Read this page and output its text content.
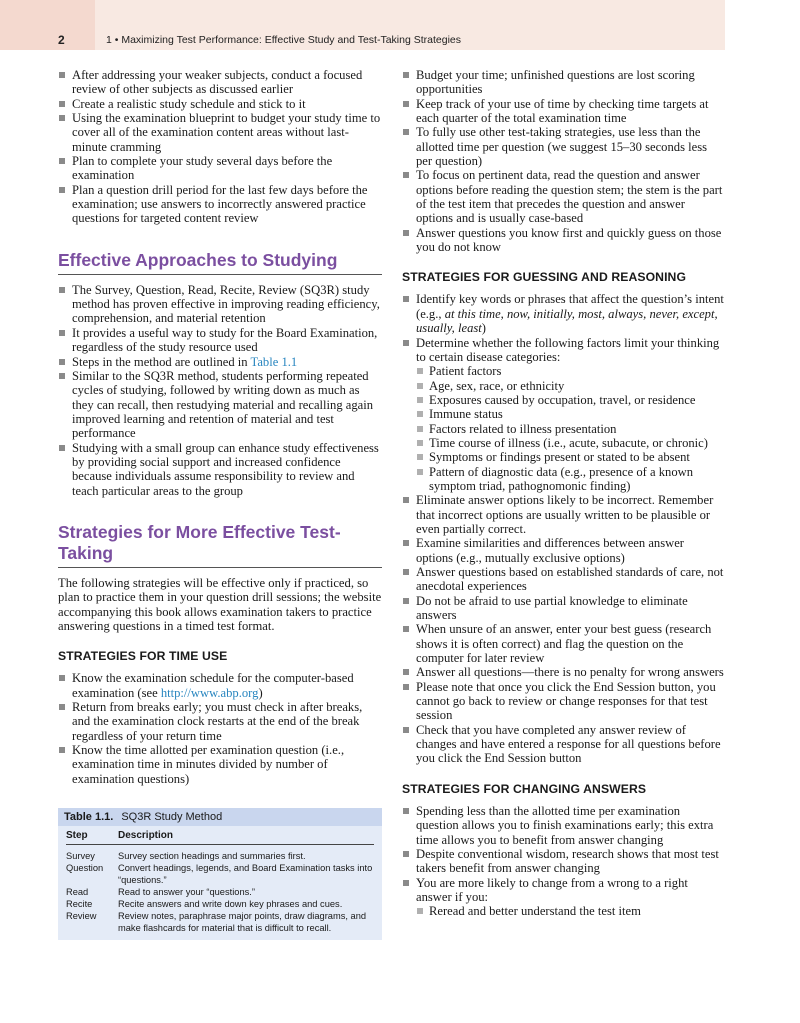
2	1 • Maximizing Test Performance: Effective Study and Test-Taking Strategies
After addressing your weaker subjects, conduct a focused review of other subjects as discussed earlier
Create a realistic study schedule and stick to it
Using the examination blueprint to budget your study time to cover all of the examination content areas without last-minute cramming
Plan to complete your study several days before the examination
Plan a question drill period for the last few days before the examination; use answers to incorrectly answered practice questions for targeted content review
Effective Approaches to Studying
The Survey, Question, Read, Recite, Review (SQ3R) study method has proven effective in improving reading efficiency, comprehension, and material retention
It provides a useful way to study for the Board Examination, regardless of the study resource used
Steps in the method are outlined in Table 1.1
Similar to the SQ3R method, students performing repeated cycles of studying, followed by writing down as much as they can recall, then restudying material and recalling again improved learning and retention of material and test performance
Studying with a small group can enhance study effectiveness by providing social support and increased confidence because individuals assume responsibility to review and teach particular areas to the group
Strategies for More Effective Test-Taking

The following strategies will be effective only if practiced, so plan to practice them in your question drill sessions; the website accompanying this book allows examination takers to practice answering questions in a timed test format.

STRATEGIES FOR TIME USE
Know the examination schedule for the computer-based examination (see http://www.abp.org)
Return from breaks early; you must check in after breaks, and the examination clock restarts at the end of the break regardless of your return time
Know the time allotted per examination question (i.e., examination time in minutes divided by number of examination questions)
Table 1.1. SQ3R Study Method
Step	Description
Survey	Survey section headings and summaries first.
Question	Convert headings, legends, and Board Examination tasks into “questions.”
Read	Read to answer your “questions.”
Recite	Recite answers and write down key phrases and cues.
Review	Review notes, paraphrase major points, draw diagrams, and make flashcards for material that is difficult to recall.
Budget your time; unfinished questions are lost scoring opportunities
Keep track of your use of time by checking time targets at each quarter of the total examination time
To fully use other test-taking strategies, use less than the allotted time per question (we suggest 15–30 seconds less per question)
To focus on pertinent data, read the question and answer options before reading the question stem; the stem is the part of the test item that precedes the question and answer options and is usually case-based
Answer questions you know first and quickly guess on those you do not know
STRATEGIES FOR GUESSING AND REASONING
Identify key words or phrases that affect the question’s intent (e.g., at this time, now, initially, most, always, never, except, usually, least)
Determine whether the following factors limit your thinking to certain disease categories:
Patient factors
Age, sex, race, or ethnicity
Exposures caused by occupation, travel, or residence
Immune status
Factors related to illness presentation
Time course of illness (i.e., acute, subacute, or chronic)
Symptoms or findings present or stated to be absent
Pattern of diagnostic data (e.g., presence of a known symptom triad, pathognomonic finding)
Eliminate answer options likely to be incorrect. Remember that incorrect options are usually written to be plausible or even partially correct.
Examine similarities and differences between answer options (e.g., mutually exclusive options)
Answer questions based on established standards of care, not anecdotal experiences
Do not be afraid to use partial knowledge to eliminate answers
When unsure of an answer, enter your best guess (research shows it is often correct) and flag the question on the computer for later review
Answer all questions—there is no penalty for wrong answers
Please note that once you click the End Session button, you cannot go back to review or change responses for that test session
Check that you have completed any answer review of changes and have entered a response for all questions before you click the End Session button
STRATEGIES FOR CHANGING ANSWERS
Spending less than the allotted time per examination question allows you to finish examinations early; this extra time allows you to benefit from answer changing
Despite conventional wisdom, research shows that most test takers benefit from answer changing
You are more likely to change from a wrong to a right answer if you:
Reread and better understand the test item
